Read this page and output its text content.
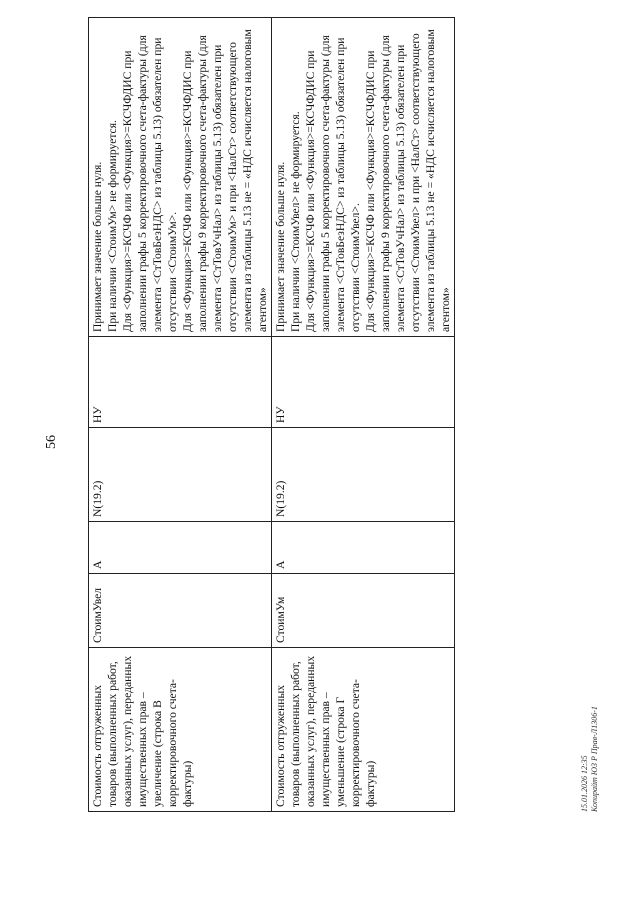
56
Стоимость отгруженных товаров (выполненных работ, оказанных услуг), переданных имущественных прав – увеличение (строка В корректировочного счета-фактуры)	СтоимУвел	А	N(19.2)	НУ	Принимает значение больше нуля. При наличии <СтоимУм> не формируется. Для <Функция>=КСЧФ или <Функция>=КСЧФДИС при заполнении графы 5 корректировочного счета-фактуры (для элемента <СтТовБезНДС> из таблицы 5.13) обязателен при отсутствии <СтоимУм>. Для <Функция>=КСЧФ или <Функция>=КСЧФДИС при заполнении графы 9 корректировочного счета-фактуры (для элемента <СтТовУчНал> из таблицы 5.13) обязателен при отсутствии <СтоимУм> и при <НалСт> соответствующего элемента из таблицы 5.13 не = «НДС исчисляется налоговым агентом»

Стоимость отгруженных товаров (выполненных работ, оказанных услуг), переданных имущественных прав – уменьшение (строка Г корректировочного счета-фактуры)	СтоимУм	А	N(19.2)	НУ	Принимает значение больше нуля. При наличии <СтоимУвел> не формируется. Для <Функция>=КСЧФ или <Функция>=КСЧФДИС при заполнении графы 5 корректировочного счета-фактуры (для элемента <СтТовБезНДС> из таблицы 5.13) обязателен при отсутствии <СтоимУвел>. Для <Функция>=КСЧФ или <Функция>=КСЧФДИС при заполнении графы 9 корректировочного счета-фактуры (для элемента <СтТовУчНал> из таблицы 5.13) обязателен при отсутствии <СтоимУвел> и при <НалСт> соответствующего элемента из таблицы 5.13 не = «НДС исчисляется налоговым агентом»
15.01.2026 12:35 Копирайт ЮЗ Р Прав-Л1306-1
